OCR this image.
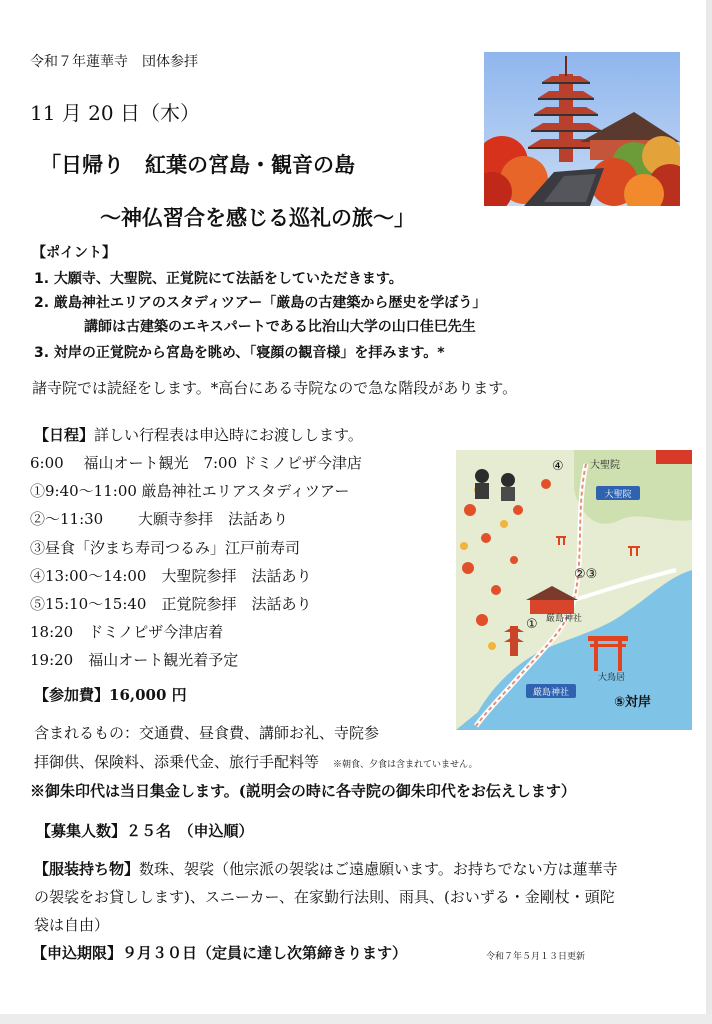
令和７年蓮華寺　団体参拝
11 月 20 日（木）
「日帰り　紅葉の宮島・観音の島
〜神仏習合を感じる巡礼の旅〜」
【ポイント】
1. 大願寺、大聖院、正覚院にて法話をしていただきます。
2. 厳島神社エリアのスタディツアー「厳島の古建築から歴史を学ぼう」
講師は古建築のエキスパートである比治山大学の山口佳巳先生
3. 対岸の正覚院から宮島を眺め、「寝顔の観音様」を拝みます。*
諸寺院では読経をします。*高台にある寺院なので急な階段があります。
【日程】詳しい行程表は申込時にお渡しします。
6:00　 福山オート観光　7:00 ドミノピザ今津店
①9:40〜11:00 厳島神社エリアスタディツアー
②〜11:30　　 大願寺参拝　法話あり
③昼食「汐まち寿司つるみ」江戸前寿司
④13:00〜14:00　大聖院参拝　法話あり
⑤15:10〜15:40　正覚院参拝　法話あり
18:20　ドミノピザ今津店着
19:20　福山オート観光着予定
大聖院
厳島神社
大聖院
厳島神社
大鳥居
④
②③
①
⑤対岸
【参加費】16,000 円
含まれるもの：交通費、昼食費、講師お礼、寺院参
拝御供、保険料、添乗代金、旅行手配料等 ※朝食、夕食は含まれていません。
※御朱印代は当日集金します。(説明会の時に各寺院の御朱印代をお伝えします）
【募集人数】２５名　（申込順）
【服装持ち物】数珠、袈裟（他宗派の袈裟はご遠慮願います。お持ちでない方は蓮華寺
の袈裟をお貸しします)、スニーカー、在家勤行法則、雨具、(おいずる・金剛杖・頭陀
袋は自由）
【申込期限】９月３０日（定員に達し次第締きります）	令和７年５月１３日更新
